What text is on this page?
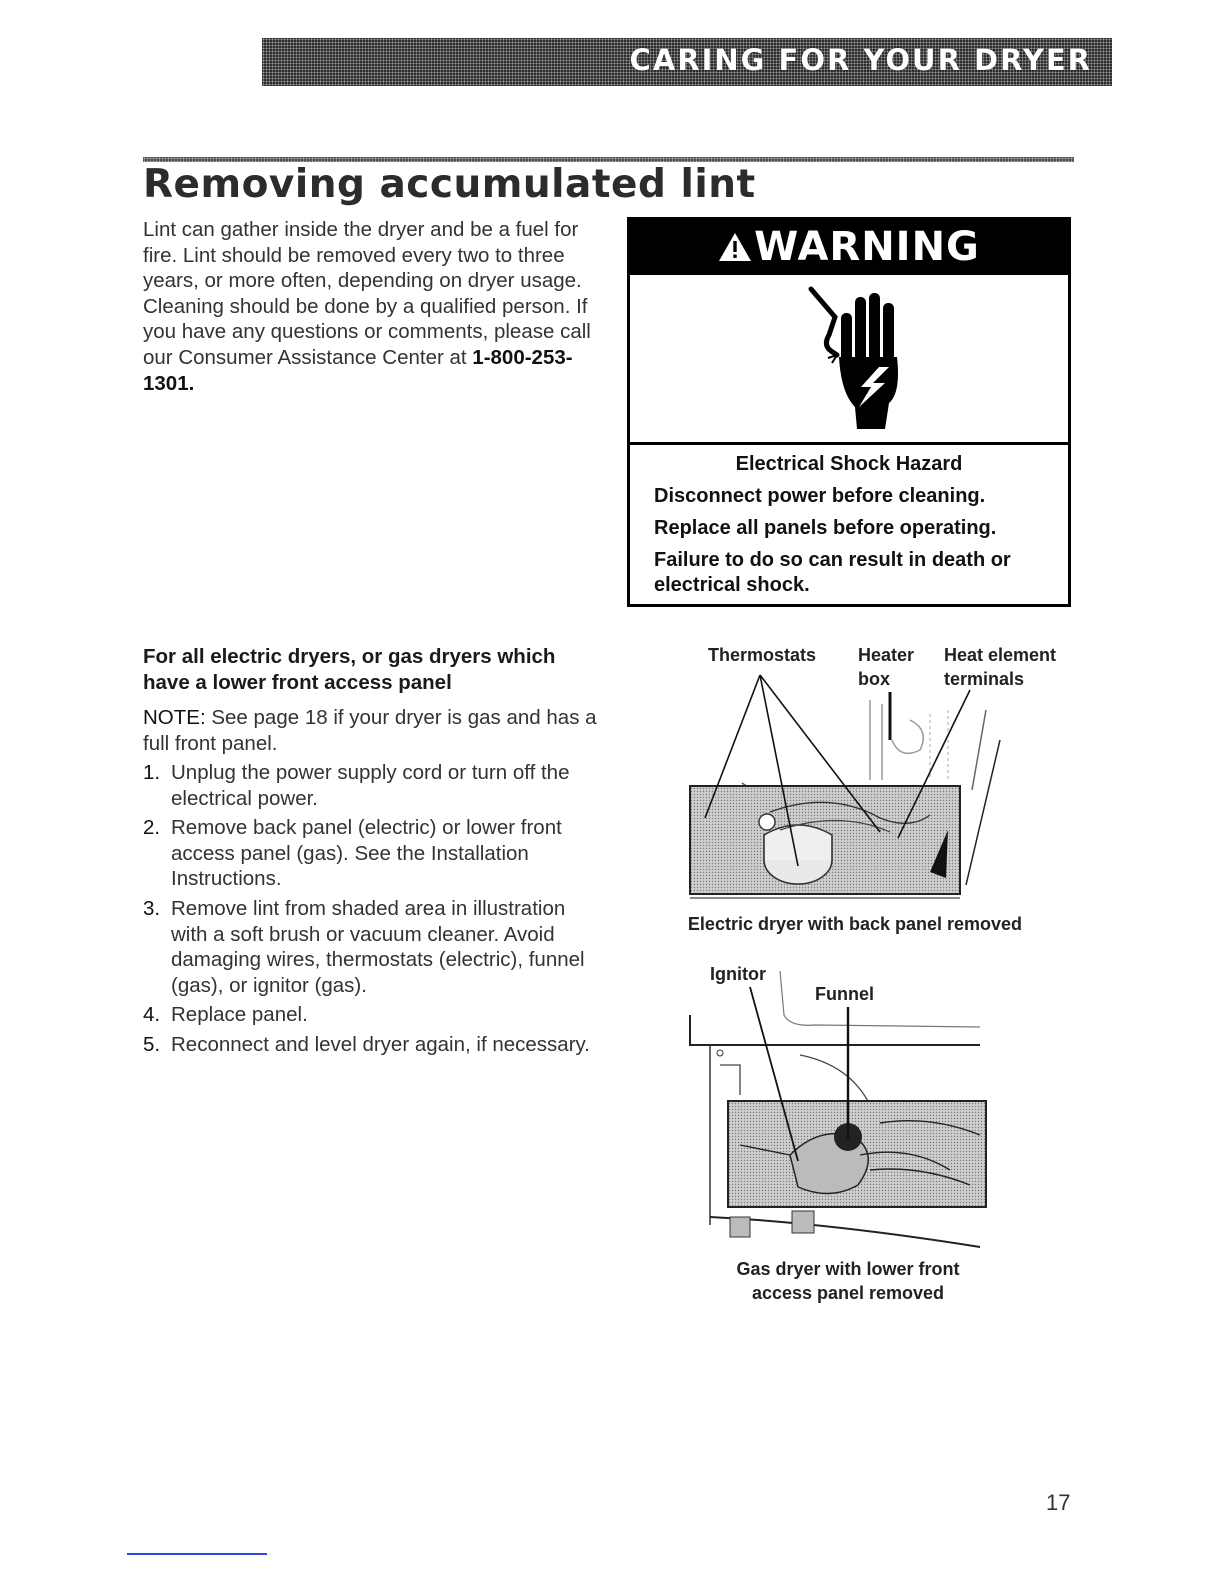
CARING FOR YOUR DRYER
Removing accumulated lint

Lint can gather inside the dryer and be a fuel for fire. Lint should be removed every two to three years, or more often, depending on dryer usage. Cleaning should be done by a qualified person. If you have any questions or comments, please call our Consumer Assistance Center at 1-800-253-1301.

WARNING
Electrical Shock Hazard
Disconnect power before cleaning.
Replace all panels before operating.
Failure to do so can result in death or electrical shock.
For all electric dryers, or gas dryers which have a lower front access panel

NOTE: See page 18 if your dryer is gas and has a full front panel.

1. Unplug the power supply cord or turn off the electrical power.
2. Remove back panel (electric) or lower front access panel (gas). See the Installation Instructions.
3. Remove lint from shaded area in illustration with a soft brush or vacuum cleaner. Avoid damaging wires, thermostats (electric), funnel (gas), or ignitor (gas).
4. Replace panel.
5. Reconnect and level dryer again, if necessary.
Thermostats Heater
box
Heat element
terminals
Electric dryer with back panel removed
Ignitor
Funnel
Gas dryer with lower front
access panel removed
17
